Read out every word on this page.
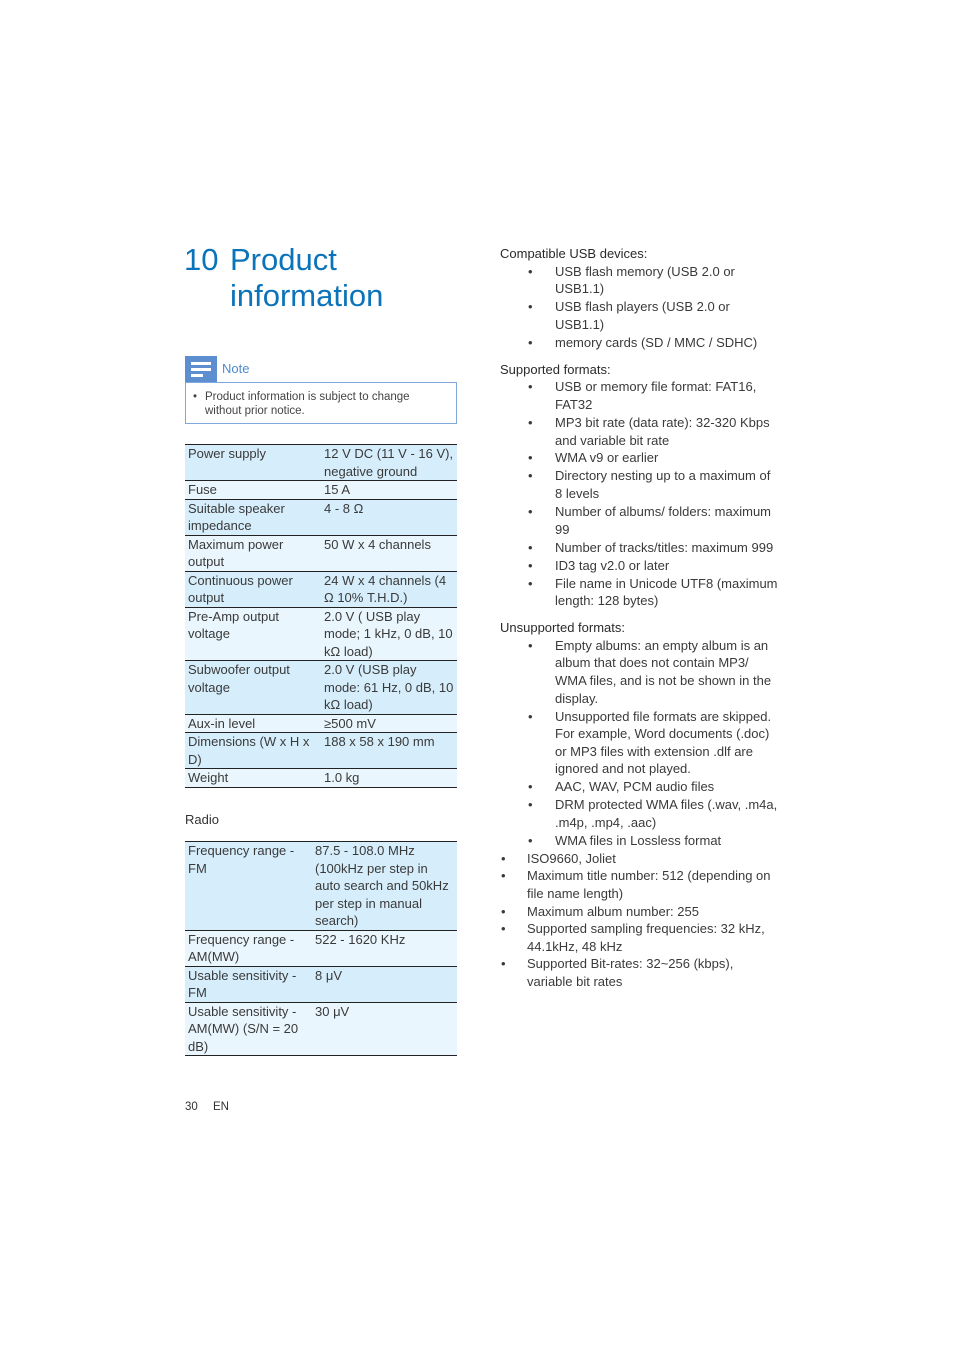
10 Product information
Note
• Product information is subject to change without prior notice.
Power supply	12 V DC (11 V - 16 V), negative ground
Fuse	15 A
Suitable speaker impedance	4 - 8 Ω
Maximum power output	50 W x 4 channels
Continuous power output	24 W x 4 channels (4 Ω 10% T.H.D.)
Pre-Amp output voltage	2.0 V ( USB play mode; 1 kHz, 0 dB, 10 kΩ load)
Subwoofer output voltage	2.0 V (USB play mode: 61 Hz, 0 dB, 10 kΩ load)
Aux-in level	≥500 mV
Dimensions (W x H x D)	188 x 58 x 190 mm
Weight	1.0 kg
Radio
Frequency range - FM	87.5 - 108.0 MHz (100kHz per step in auto search and 50kHz per step in manual search)
Frequency range - AM(MW)	522 - 1620 KHz
Usable sensitivity - FM	8 μV
Usable sensitivity - AM(MW) (S/N = 20 dB)	30 μV

Compatible USB devices:

• USB flash memory (USB 2.0 or USB1.1)
• USB flash players (USB 2.0 or USB1.1)
• memory cards (SD / MMC / SDHC)

Supported formats:

• USB or memory file format: FAT16, FAT32
• MP3 bit rate (data rate): 32-320 Kbps and variable bit rate
• WMA v9 or earlier
• Directory nesting up to a maximum of 8 levels
• Number of albums/ folders: maximum 99
• Number of tracks/titles: maximum 999
• ID3 tag v2.0 or later
• File name in Unicode UTF8 (maximum length: 128 bytes)

Unsupported formats:

• Empty albums: an empty album is an album that does not contain MP3/ WMA files, and is not be shown in the display.
• Unsupported file formats are skipped. For example, Word documents (.doc) or MP3 files with extension .dlf are ignored and not played.
• AAC, WAV, PCM audio files
• DRM protected WMA files (.wav, .m4a, .m4p, .mp4, .aac)
• WMA files in Lossless format
• ISO9660, Joliet
• Maximum title number: 512 (depending on file name length)
• Maximum album number: 255
• Supported sampling frequencies: 32 kHz, 44.1kHz, 48 kHz
• Supported Bit-rates: 32~256 (kbps), variable bit rates
30 EN
